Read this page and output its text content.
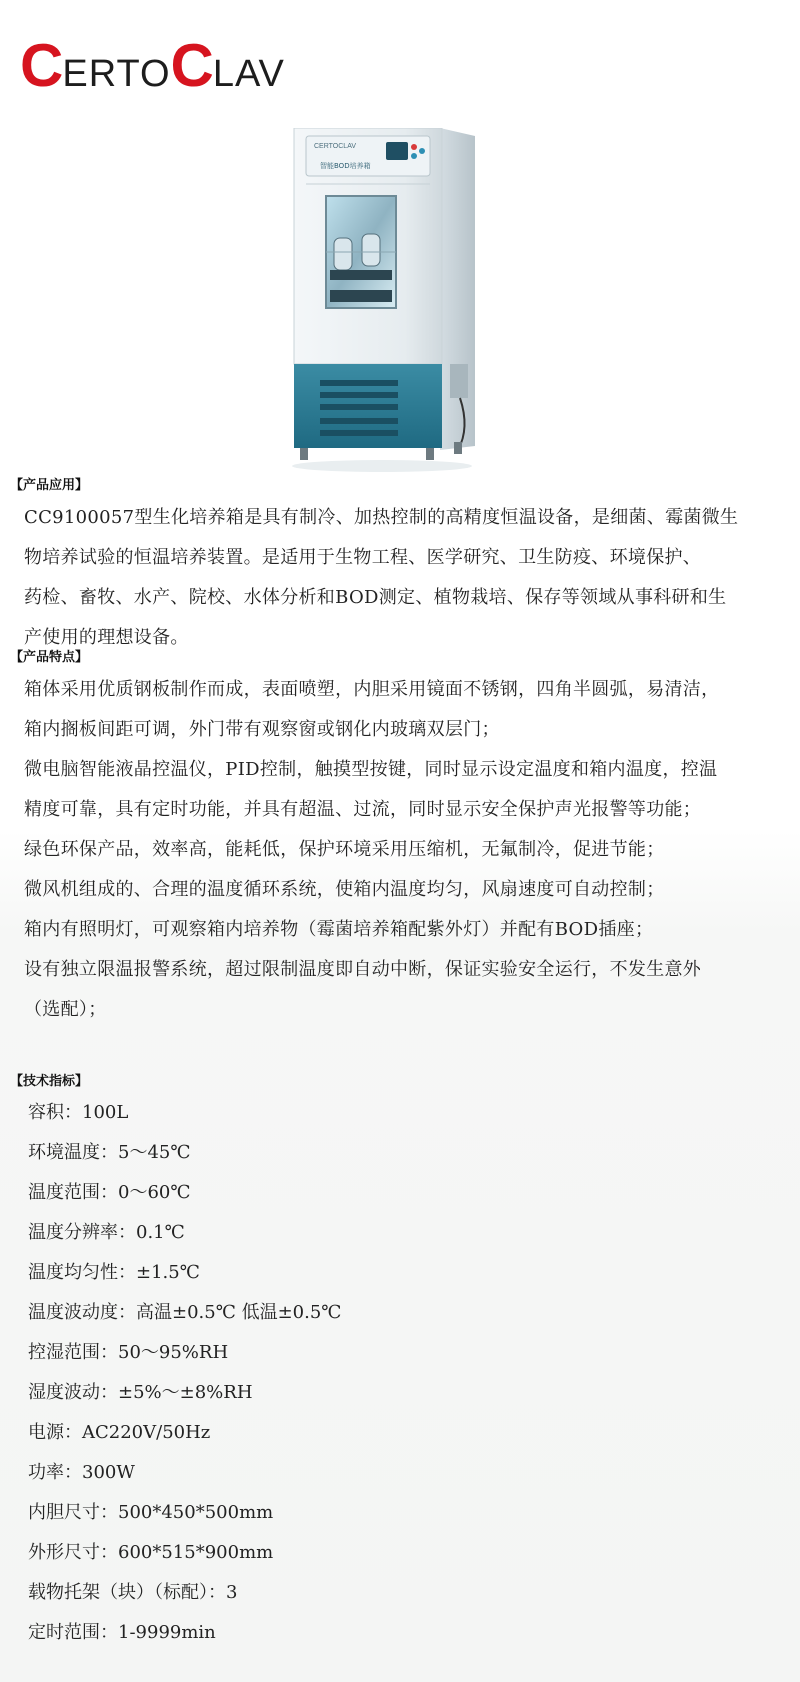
CERTOCLAV
CERTOCLAV
智能BOD培养箱
【产品应用】

CC9100057型生化培养箱是具有制冷、加热控制的高精度恒温设备，是细菌、霉菌微生

物培养试验的恒温培养装置。是适用于生物工程、医学研究、卫生防疫、环境保护、

药检、畜牧、水产、院校、水体分析和BOD测定、植物栽培、保存等领域从事科研和生

产使用的理想设备。

【产品特点】

箱体采用优质钢板制作而成，表面喷塑，内胆采用镜面不锈钢，四角半圆弧，易清洁，

箱内搁板间距可调，外门带有观察窗或钢化内玻璃双层门；

微电脑智能液晶控温仪，PID控制，触摸型按键，同时显示设定温度和箱内温度，控温

精度可靠，具有定时功能，并具有超温、过流，同时显示安全保护声光报警等功能；

绿色环保产品，效率高，能耗低，保护环境采用压缩机，无氟制冷，促进节能；

微风机组成的、合理的温度循环系统，使箱内温度均匀，风扇速度可自动控制；

箱内有照明灯，可观察箱内培养物（霉菌培养箱配紫外灯）并配有BOD插座；

设有独立限温报警系统，超过限制温度即自动中断，保证实验安全运行，不发生意外

（选配）；

【技术指标】
容积：100L
环境温度：5～45℃
温度范围：0～60℃
温度分辨率：0.1℃
温度均匀性：±1.5℃
温度波动度：高温±0.5℃ 低温±0.5℃
控湿范围：50～95%RH
湿度波动：±5%～±8%RH
电源：AC220V/50Hz
功率：300W
内胆尺寸：500*450*500mm
外形尺寸：600*515*900mm
载物托架（块）（标配）：3
定时范围：1-9999min
